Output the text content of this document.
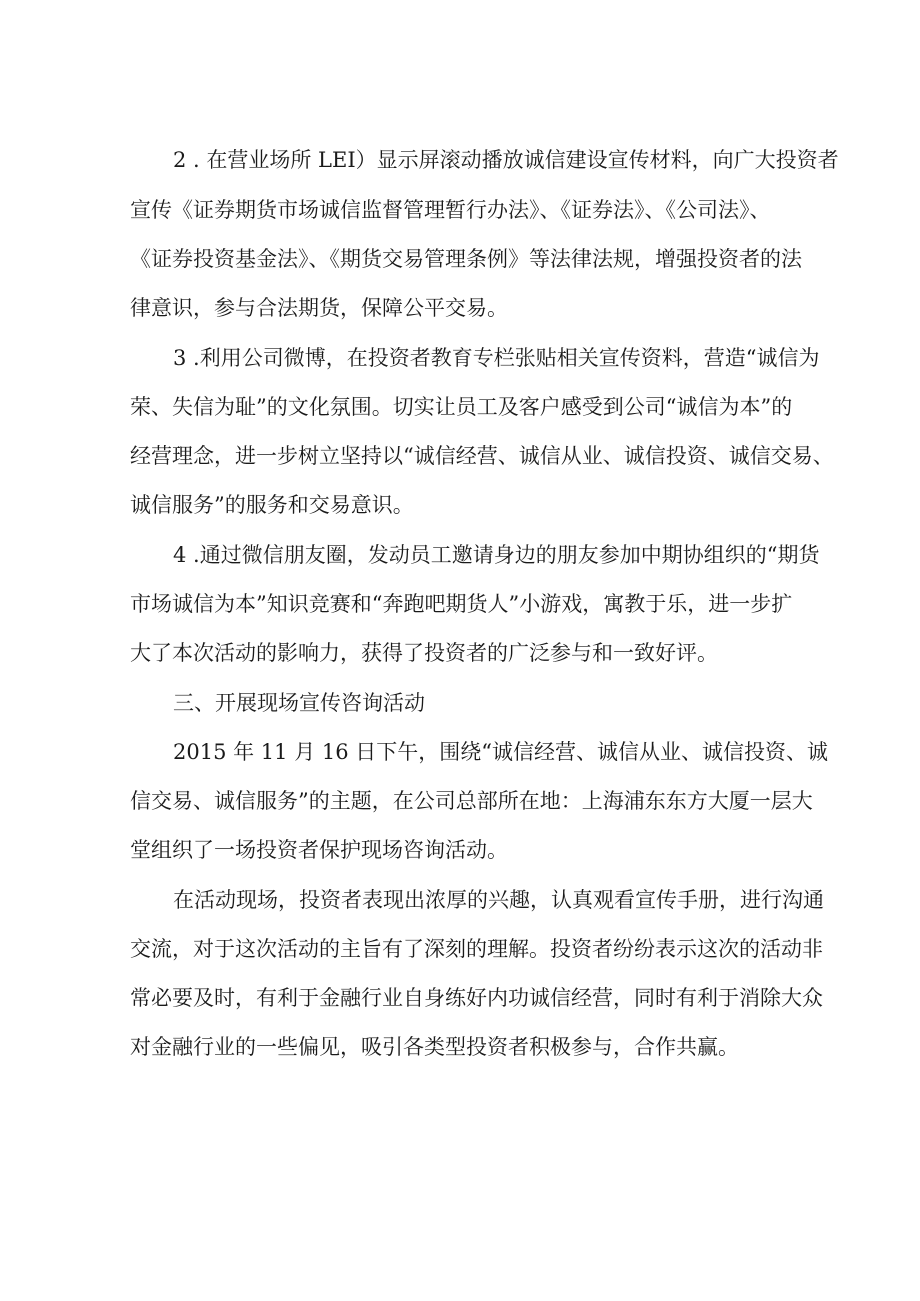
2 . 在营业场所 LEI）显示屏滚动播放诚信建设宣传材料，向广大投资者
宣传《证券期货市场诚信监督管理暂行办法》、《证券法》、《公司法》、
《证券投资基金法》、《期货交易管理条例》等法律法规，增强投资者的法
律意识，参与合法期货，保障公平交易。
3 .利用公司微博，在投资者教育专栏张贴相关宣传资料，营造“诚信为
荣、失信为耻”的文化氛围。切实让员工及客户感受到公司“诚信为本”的
经营理念，进一步树立坚持以“诚信经营、诚信从业、诚信投资、诚信交易、
诚信服务”的服务和交易意识。
4 .通过微信朋友圈，发动员工邀请身边的朋友参加中期协组织的“期货
市场诚信为本”知识竞赛和“奔跑吧期货人”小游戏，寓教于乐，进一步扩
大了本次活动的影响力，获得了投资者的广泛参与和一致好评。
三、开展现场宣传咨询活动
2015 年 11 月 16 日下午，围绕“诚信经营、诚信从业、诚信投资、诚
信交易、诚信服务”的主题，在公司总部所在地：上海浦东东方大厦一层大
堂组织了一场投资者保护现场咨询活动。
在活动现场，投资者表现出浓厚的兴趣，认真观看宣传手册，进行沟通
交流，对于这次活动的主旨有了深刻的理解。投资者纷纷表示这次的活动非
常必要及时，有利于金融行业自身练好内功诚信经营，同时有利于消除大众
对金融行业的一些偏见，吸引各类型投资者积极参与，合作共赢。
